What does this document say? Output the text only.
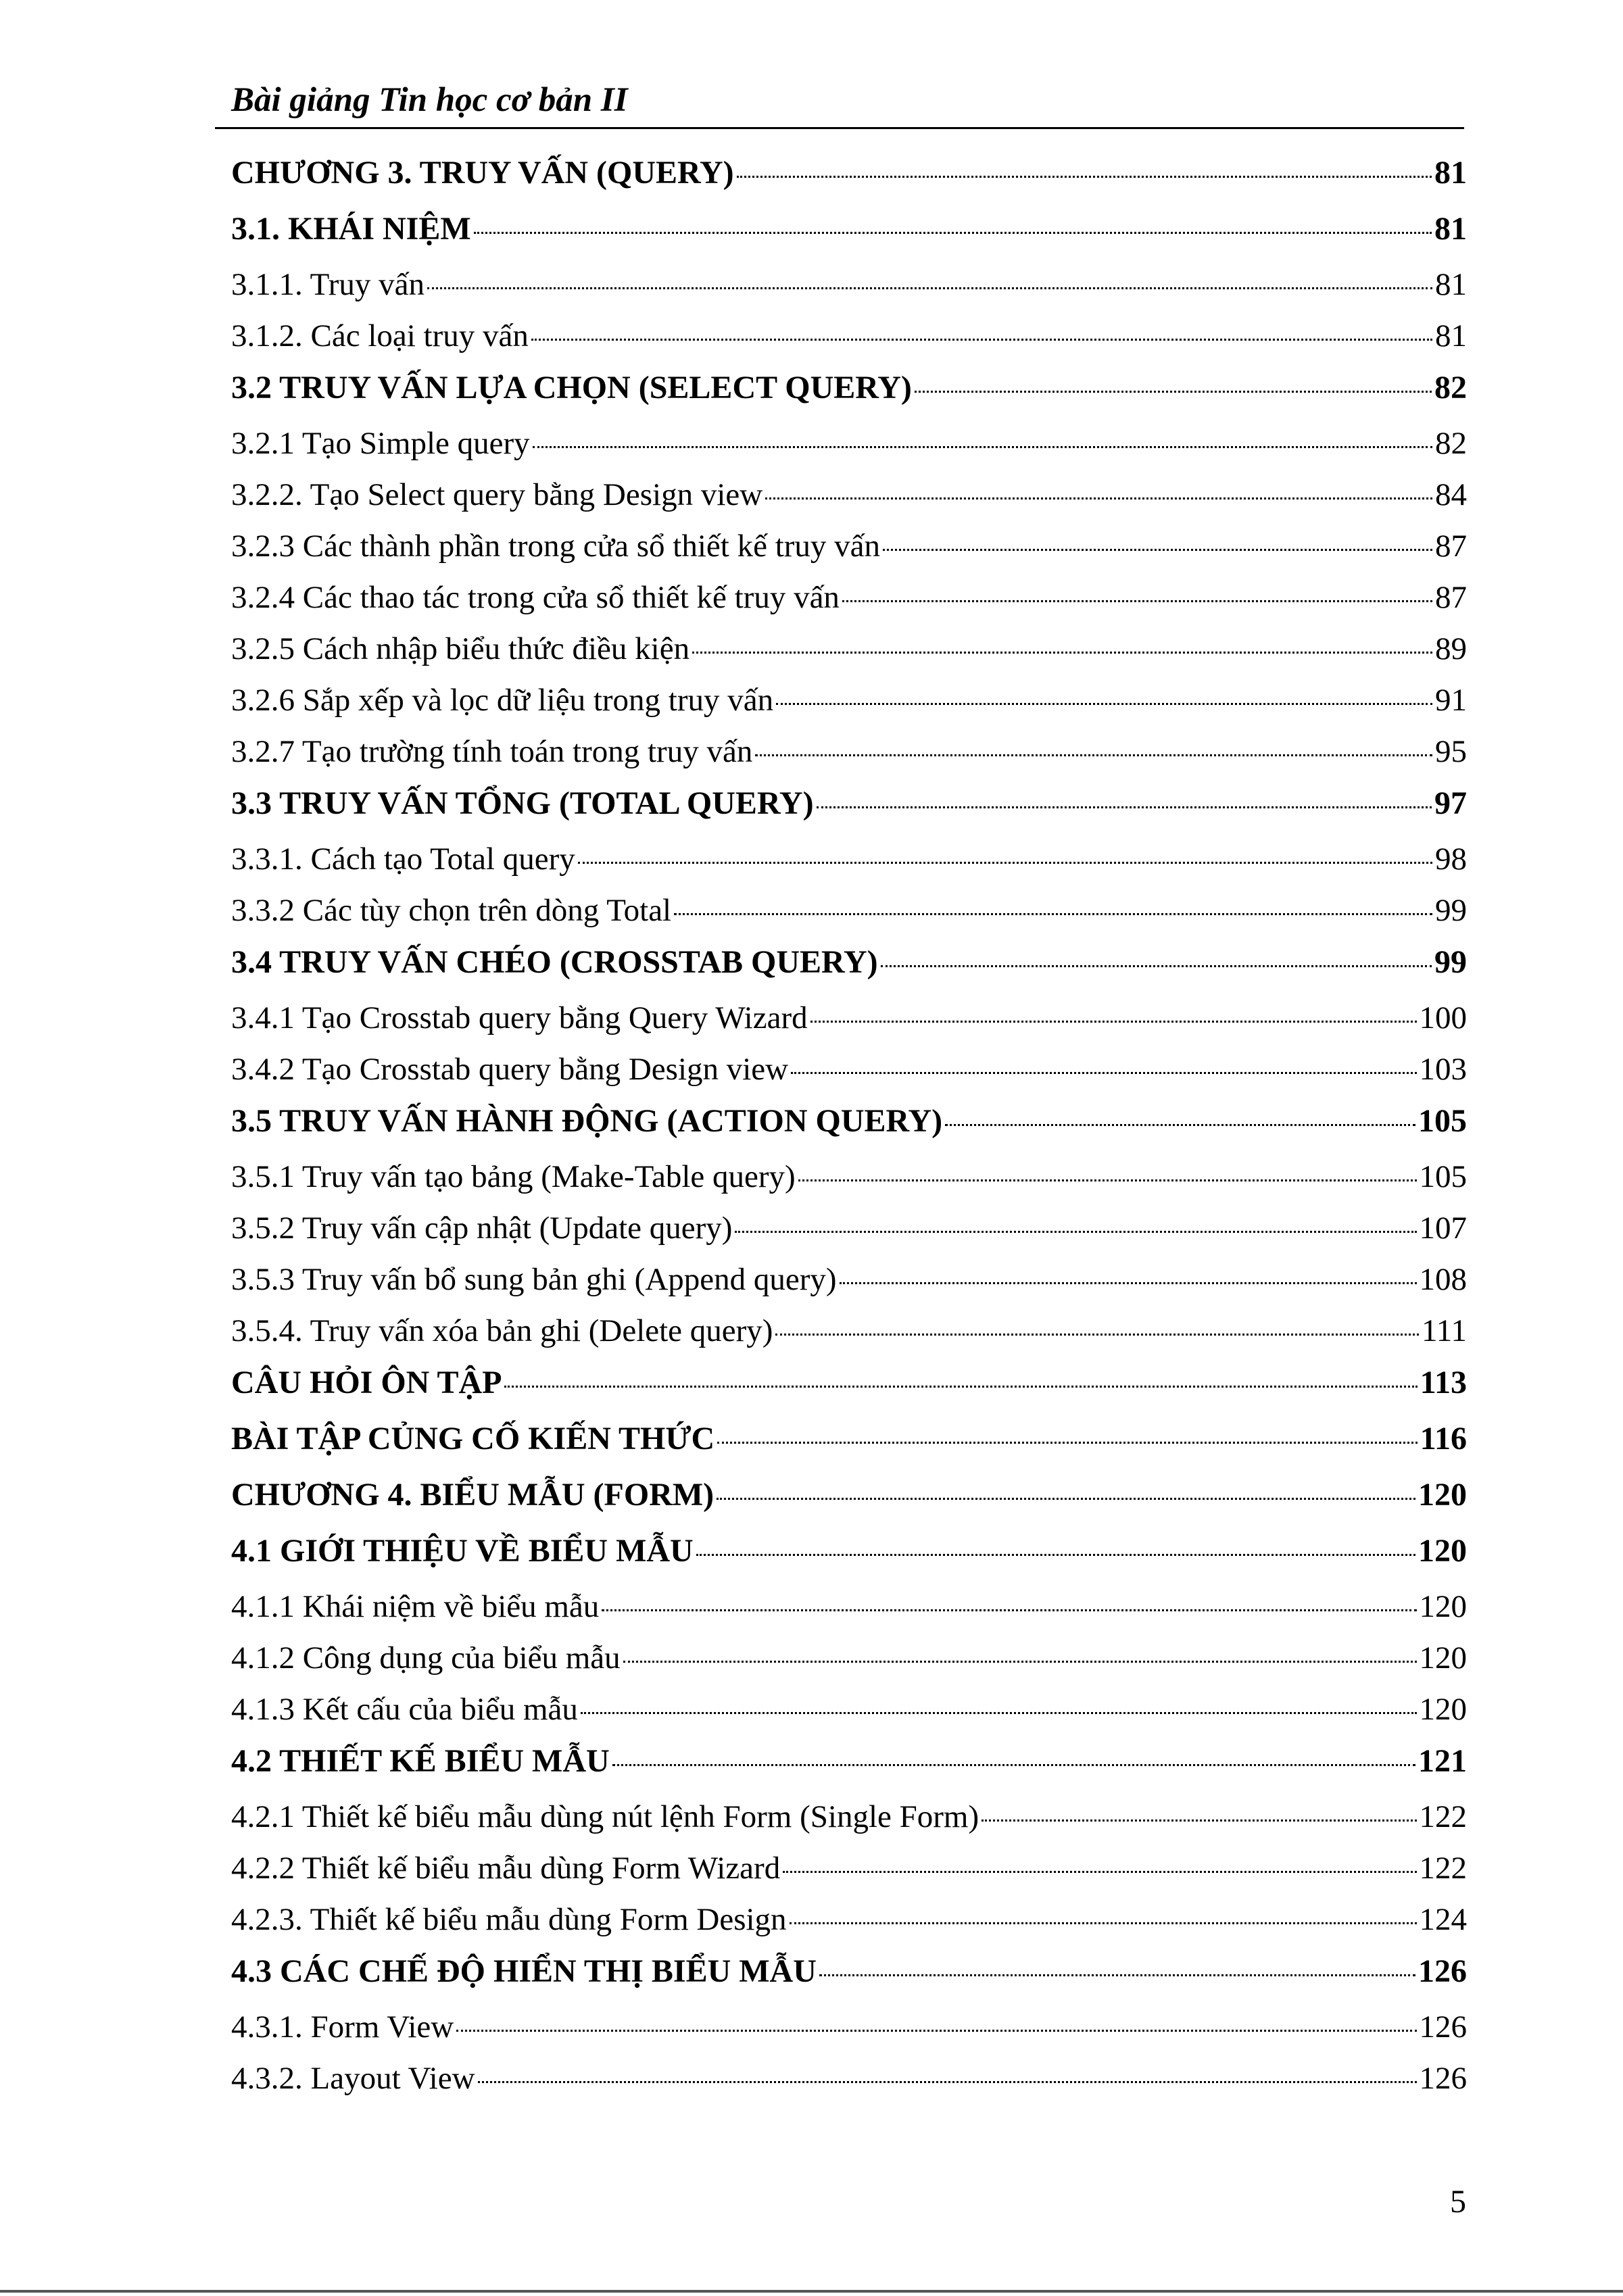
Bài giảng Tin học cơ bản II
CHƯƠNG 3. TRUY VẤN (QUERY)	81
3.1. KHÁI NIỆM	81
3.1.1. Truy vấn	81
3.1.2. Các loại truy vấn	81
3.2 TRUY VẤN LỰA CHỌN (SELECT QUERY)	82
3.2.1 Tạo Simple query	82
3.2.2. Tạo Select query bằng Design view	84
3.2.3 Các thành phần trong cửa sổ thiết kế truy vấn	87
3.2.4 Các thao tác trong cửa sổ thiết kế truy vấn	87
3.2.5 Cách nhập biểu thức điều kiện	89
3.2.6 Sắp xếp và lọc dữ liệu trong truy vấn	91
3.2.7 Tạo trường tính toán trong truy vấn	95
3.3 TRUY VẤN TỔNG (TOTAL QUERY)	97
3.3.1. Cách tạo Total query	98
3.3.2 Các tùy chọn trên dòng Total	99
3.4 TRUY VẤN CHÉO (CROSSTAB QUERY)	99
3.4.1 Tạo Crosstab query bằng Query Wizard	100
3.4.2 Tạo Crosstab query bằng Design view	103
3.5 TRUY VẤN HÀNH ĐỘNG (ACTION QUERY)	105
3.5.1 Truy vấn tạo bảng (Make-Table query)	105
3.5.2 Truy vấn cập nhật (Update query)	107
3.5.3 Truy vấn bổ sung bản ghi (Append query)	108
3.5.4. Truy vấn xóa bản ghi (Delete query)	111
CÂU HỎI ÔN TẬP	113
BÀI TẬP CỦNG CỐ KIẾN THỨC	116
CHƯƠNG 4. BIỂU MẪU (FORM)	120
4.1 GIỚI THIỆU VỀ BIỂU MẪU	120
4.1.1 Khái niệm về biểu mẫu	120
4.1.2 Công dụng của biểu mẫu	120
4.1.3 Kết cấu của biểu mẫu	120
4.2 THIẾT KẾ BIỂU MẪU	121
4.2.1 Thiết kế biểu mẫu dùng nút lệnh Form (Single Form)	122
4.2.2 Thiết kế biểu mẫu dùng Form Wizard	122
4.2.3. Thiết kế biểu mẫu dùng Form Design	124
4.3 CÁC CHẾ ĐỘ HIỂN THỊ BIỂU MẪU	126
4.3.1. Form View	126
4.3.2. Layout View	126
5
